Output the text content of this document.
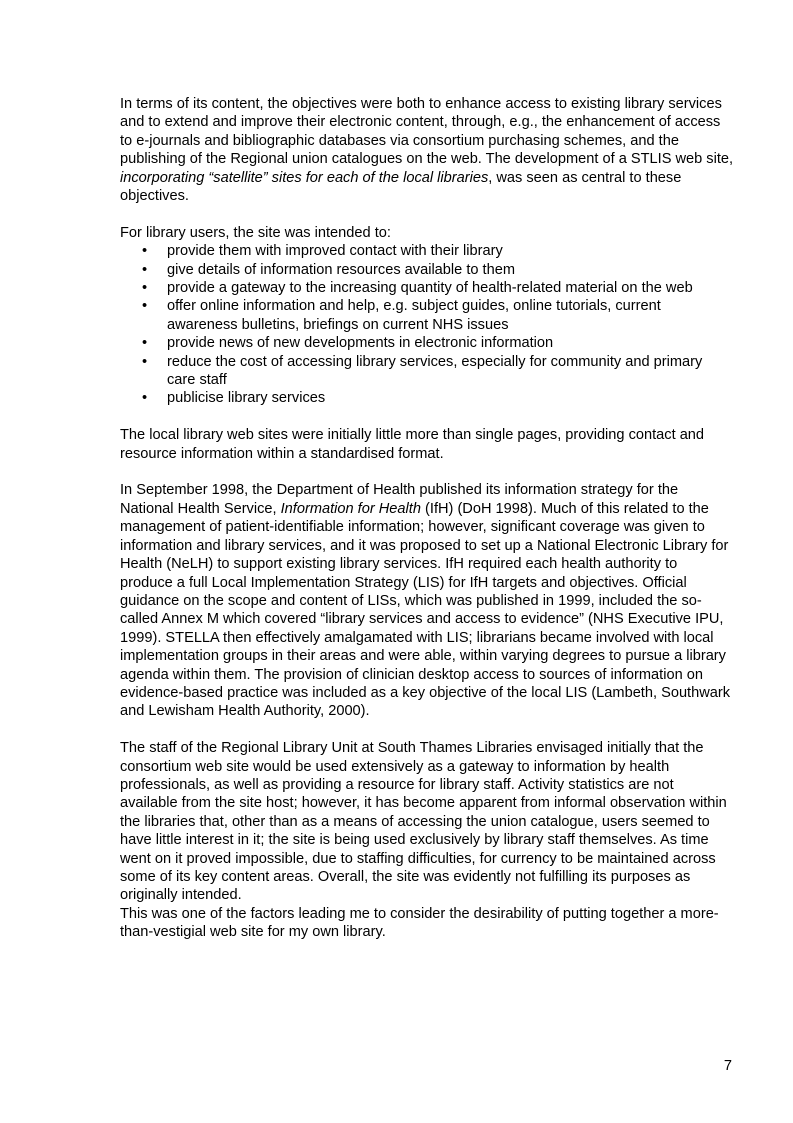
In terms of its content, the objectives were both to enhance access to existing library services and to extend and improve their electronic content, through, e.g., the enhancement of access to e-journals and bibliographic databases via consortium purchasing schemes, and the publishing of the Regional union catalogues on the web. The development of a STLIS web site, incorporating “satellite” sites for each of the local libraries, was seen as central to these objectives.

For library users, the site was intended to:

• provide them with improved contact with their library
• give details of information resources available to them
• provide a gateway to the increasing quantity of health-related material on the web
• offer online information and help, e.g. subject guides, online tutorials, current awareness bulletins, briefings on current NHS issues
• provide news of new developments in electronic information
• reduce the cost of accessing library services, especially for community and primary care staff
• publicise library services

The local library web sites were initially little more than single pages, providing contact and resource information within a standardised format.

In September 1998, the Department of Health published its information strategy for the National Health Service, Information for Health (IfH) (DoH 1998). Much of this related to the management of patient-identifiable information; however, significant coverage was given to information and library services, and it was proposed to set up a National Electronic Library for Health (NeLH) to support existing library services. IfH required each health authority to produce a full Local Implementation Strategy (LIS) for IfH targets and objectives. Official guidance on the scope and content of LISs, which was published in 1999, included the so-called Annex M which covered “library services and access to evidence” (NHS Executive IPU, 1999). STELLA then effectively amalgamated with LIS; librarians became involved with local implementation groups in their areas and were able, within varying degrees to pursue a library agenda within them. The provision of clinician desktop access to sources of information on evidence-based practice was included as a key objective of the local LIS (Lambeth, Southwark and Lewisham Health Authority, 2000).

The staff of the Regional Library Unit at South Thames Libraries envisaged initially that the consortium web site would be used extensively as a gateway to information by health professionals, as well as providing a resource for library staff. Activity statistics are not available from the site host; however, it has become apparent from informal observation within the libraries that, other than as a means of accessing the union catalogue, users seemed to have little interest in it; the site is being used exclusively by library staff themselves. As time went on it proved impossible, due to staffing difficulties, for currency to be maintained across some of its key content areas. Overall, the site was evidently not fulfilling its purposes as originally intended.

This was one of the factors leading me to consider the desirability of putting together a more-than-vestigial web site for my own library.

7
